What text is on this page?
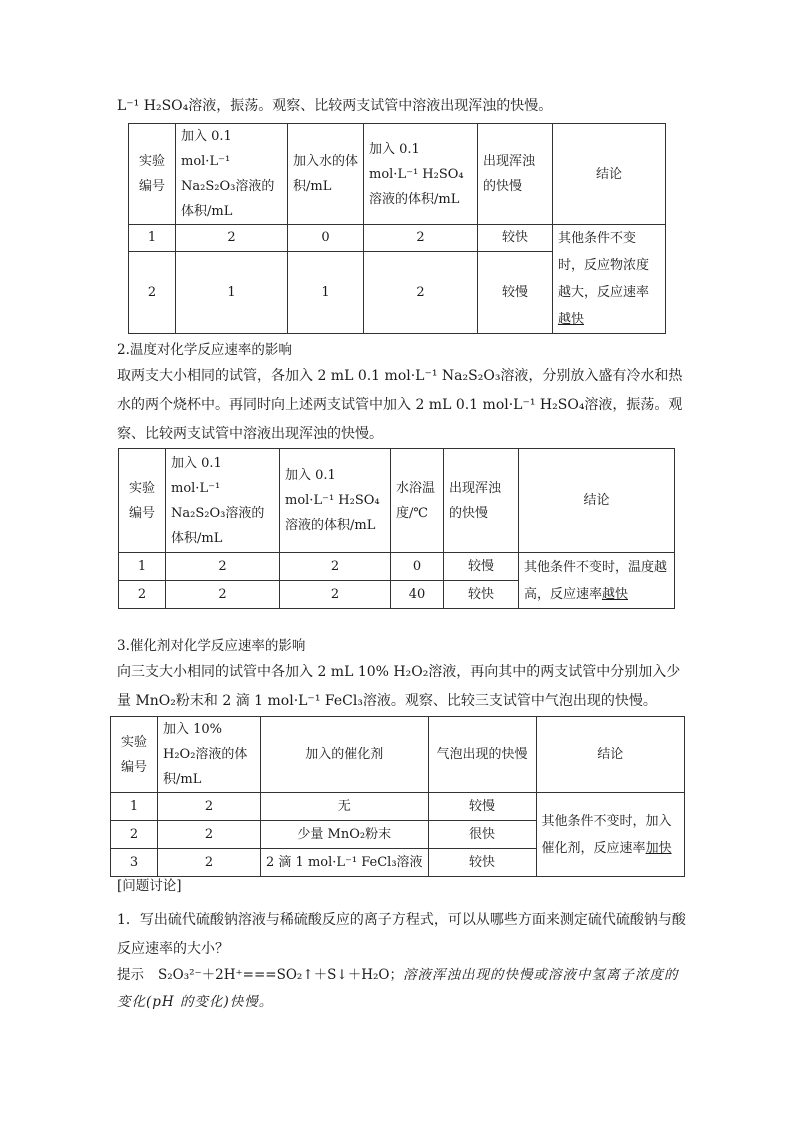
L⁻¹ H₂SO₄溶液，振荡。观察、比较两支试管中溶液出现浑浊的快慢。
实验编号	加入 0.1 mol·L⁻¹ Na₂S₂O₃溶液的体积/mL	加入水的体积/mL	加入 0.1 mol·L⁻¹ H₂SO₄溶液的体积/mL	出现浑浊的快慢	结论
1	2	0	2	较快	其他条件不变时，反应物浓度越大，反应速率越快
2	1	1	2	较慢	
2.温度对化学反应速率的影响
取两支大小相同的试管，各加入 2 mL 0.1 mol·L⁻¹ Na₂S₂O₃溶液，分别放入盛有冷水和热水的两个烧杯中。再同时向上述两支试管中加入 2 mL 0.1 mol·L⁻¹ H₂SO₄溶液，振荡。观察、比较两支试管中溶液出现浑浊的快慢。
实验编号	加入 0.1 mol·L⁻¹ Na₂S₂O₃溶液的体积/mL	加入 0.1 mol·L⁻¹ H₂SO₄溶液的体积/mL	水浴温度/℃	出现浑浊的快慢	结论
1	2	2	0	较慢	其他条件不变时，温度越高，反应速率越快
2	2	2	40	较快	
3.催化剂对化学反应速率的影响
向三支大小相同的试管中各加入 2 mL 10% H₂O₂溶液，再向其中的两支试管中分别加入少量 MnO₂粉末和 2 滴 1 mol·L⁻¹ FeCl₃溶液。观察、比较三支试管中气泡出现的快慢。
实验编号	加入 10% H₂O₂溶液的体积/mL	加入的催化剂	气泡出现的快慢	结论
1	2	无	较慢	其他条件不变时，加入催化剂，反应速率加快
2	2	少量 MnO₂粉末	很快	
3	2	2 滴 1 mol·L⁻¹ FeCl₃溶液	较快	
[问题讨论]
1．写出硫代硫酸钠溶液与稀硫酸反应的离子方程式，可以从哪些方面来测定硫代硫酸钠与酸反应速率的大小？
提示 S₂O₃²⁻＋2H⁺===SO₂↑＋S↓＋H₂O；溶液浑浊出现的快慢或溶液中氢离子浓度的变化(pH 的变化)快慢。
